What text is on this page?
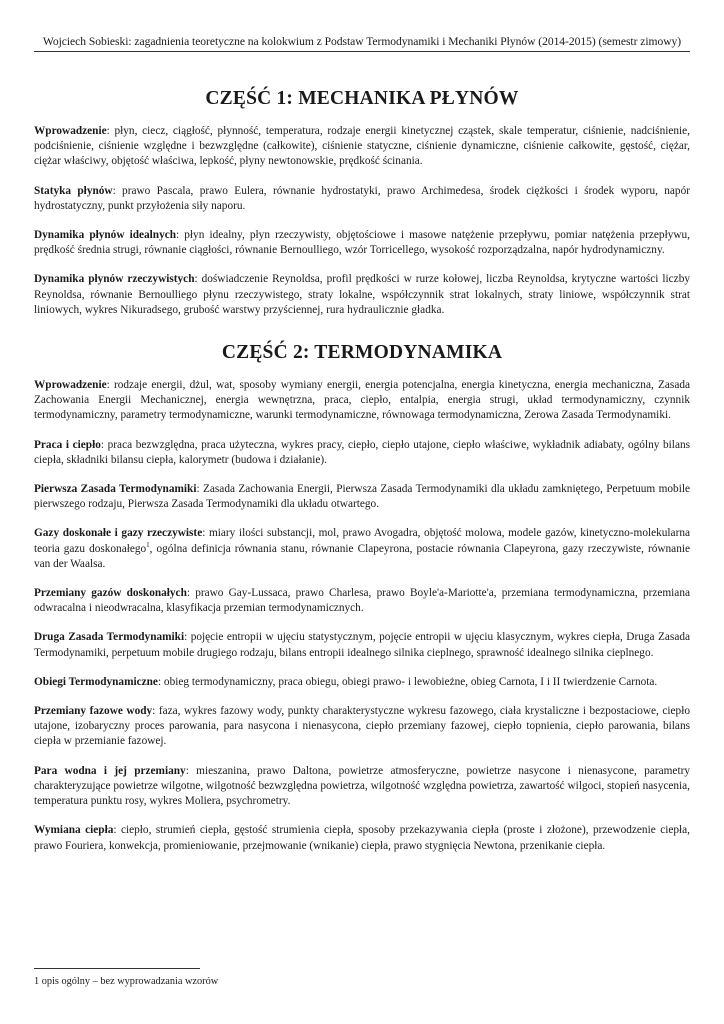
Wojciech Sobieski: zagadnienia teoretyczne na kolokwium z Podstaw Termodynamiki i Mechaniki Płynów (2014-2015) (semestr zimowy)
CZĘŚĆ 1: MECHANIKA PŁYNÓW

Wprowadzenie: płyn, ciecz, ciągłość, płynność, temperatura, rodzaje energii kinetycznej cząstek, skale temperatur, ciśnienie, nadciśnienie, podciśnienie, ciśnienie względne i bezwzględne (całkowite), ciśnienie statyczne, ciśnienie dynamiczne, ciśnienie całkowite, gęstość, ciężar, ciężar właściwy, objętość właściwa, lepkość, płyny newtonowskie, prędkość ścinania.

Statyka płynów: prawo Pascala, prawo Eulera, równanie hydrostatyki, prawo Archimedesa, środek ciężkości i środek wyporu, napór hydrostatyczny, punkt przyłożenia siły naporu.

Dynamika płynów idealnych: płyn idealny, płyn rzeczywisty, objętościowe i masowe natężenie przepływu, pomiar natężenia przepływu, prędkość średnia strugi, równanie ciągłości, równanie Bernoulliego, wzór Torricellego, wysokość rozporządzalna, napór hydrodynamiczny.

Dynamika płynów rzeczywistych: doświadczenie Reynoldsa, profil prędkości w rurze kołowej, liczba Reynoldsa, krytyczne wartości liczby Reynoldsa, równanie Bernoulliego płynu rzeczywistego, straty lokalne, współczynnik strat lokalnych, straty liniowe, współczynnik strat liniowych, wykres Nikuradsego, grubość warstwy przyściennej, rura hydraulicznie gładka.

CZĘŚĆ 2: TERMODYNAMIKA

Wprowadzenie: rodzaje energii, dżul, wat, sposoby wymiany energii, energia potencjalna, energia kinetyczna, energia mechaniczna, Zasada Zachowania Energii Mechanicznej, energia wewnętrzna, praca, ciepło, entalpia, energia strugi, układ termodynamiczny, czynnik termodynamiczny, parametry termodynamiczne, warunki termodynamiczne, równowaga termodynamiczna, Zerowa Zasada Termodynamiki.

Praca i ciepło: praca bezwzględna, praca użyteczna, wykres pracy, ciepło, ciepło utajone, ciepło właściwe, wykładnik adiabaty, ogólny bilans ciepła, składniki bilansu ciepła, kalorymetr (budowa i działanie).

Pierwsza Zasada Termodynamiki: Zasada Zachowania Energii, Pierwsza Zasada Termodynamiki dla układu zamkniętego, Perpetuum mobile pierwszego rodzaju, Pierwsza Zasada Termodynamiki dla układu otwartego.

Gazy doskonałe i gazy rzeczywiste: miary ilości substancji, mol, prawo Avogadra, objętość molowa, modele gazów, kinetyczno-molekularna teoria gazu doskonałego$^1$, ogólna definicja równania stanu, równanie Clapeyrona, postacie równania Clapeyrona, gazy rzeczywiste, równanie van der Waalsa.

Przemiany gazów doskonałych: prawo Gay-Lussaca, prawo Charlesa, prawo Boyle'a-Mariotte'a, przemiana termodynamiczna, przemiana odwracalna i nieodwracalna, klasyfikacja przemian termodynamicznych.

Druga Zasada Termodynamiki: pojęcie entropii w ujęciu statystycznym, pojęcie entropii w ujęciu klasycznym, wykres ciepła, Druga Zasada Termodynamiki, perpetuum mobile drugiego rodzaju, bilans entropii idealnego silnika cieplnego, sprawność idealnego silnika cieplnego.

Obiegi Termodynamiczne: obieg termodynamiczny, praca obiegu, obiegi prawo- i lewobieżne, obieg Carnota, I i II twierdzenie Carnota.

Przemiany fazowe wody: faza, wykres fazowy wody, punkty charakterystyczne wykresu fazowego, ciała krystaliczne i bezpostaciowe, ciepło utajone, izobaryczny proces parowania, para nasycona i nienasycona, ciepło przemiany fazowej, ciepło topnienia, ciepło parowania, bilans ciepła w przemianie fazowej.

Para wodna i jej przemiany: mieszanina, prawo Daltona, powietrze atmosferyczne, powietrze nasycone i nienasycone, parametry charakteryzujące powietrze wilgotne, wilgotność bezwzględna powietrza, wilgotność względna powietrza, zawartość wilgoci, stopień nasycenia, temperatura punktu rosy, wykres Moliera, psychrometry.

Wymiana ciepła: ciepło, strumień ciepła, gęstość strumienia ciepła, sposoby przekazywania ciepła (proste i złożone), przewodzenie ciepła, prawo Fouriera, konwekcja, promieniowanie, przejmowanie (wnikanie) ciepła, prawo stygnięcia Newtona, przenikanie ciepła.

1 opis ogólny – bez wyprowadzania wzorów
